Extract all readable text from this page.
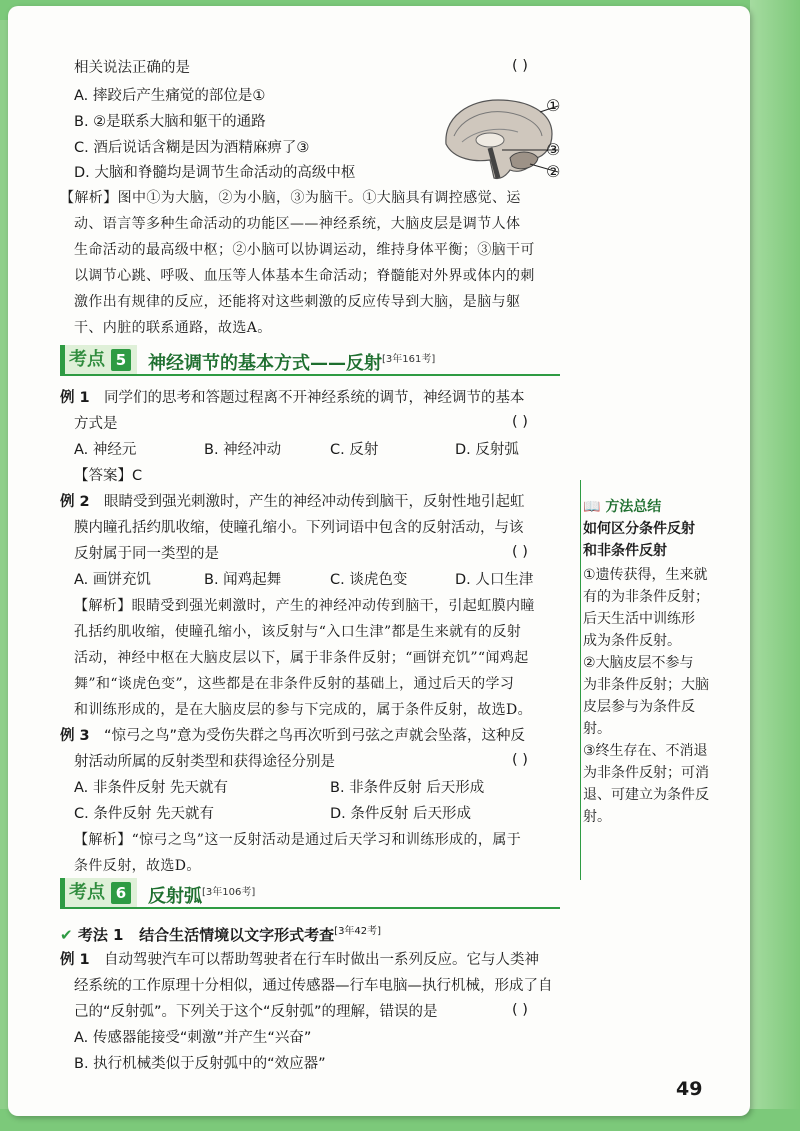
相关说法正确的是	( )
A. 摔跤后产生痛觉的部位是①
B. ②是联系大脑和躯干的通路
C. 酒后说话含糊是因为酒精麻痹了③
D. 大脑和脊髓均是调节生命活动的高级中枢
①
③
②
【解析】图中①为大脑，②为小脑，③为脑干。①大脑具有调控感觉、运
动、语言等多种生命活动的功能区——神经系统，大脑皮层是调节人体
生命活动的最高级中枢；②小脑可以协调运动，维持身体平衡；③脑干可
以调节心跳、呼吸、血压等人体基本生命活动；脊髓能对外界或体内的刺
激作出有规律的反应，还能将对这些刺激的反应传导到大脑，是脑与躯
干、内脏的联系通路，故选A。
考点 5	神经调节的基本方式——反射[3年161考]
例 1 同学们的思考和答题过程离不开神经系统的调节，神经调节的基本
方式是	( )
A. 神经元	B. 神经冲动	C. 反射	D. 反射弧
【答案】C
例 2 眼睛受到强光刺激时，产生的神经冲动传到脑干，反射性地引起虹
膜内瞳孔括约肌收缩，使瞳孔缩小。下列词语中包含的反射活动，与该
反射属于同一类型的是	( )
A. 画饼充饥	B. 闻鸡起舞	C. 谈虎色变	D. 人口生津
【解析】眼睛受到强光刺激时，产生的神经冲动传到脑干，引起虹膜内瞳
孔括约肌收缩，使瞳孔缩小，该反射与“入口生津”都是生来就有的反射
活动，神经中枢在大脑皮层以下，属于非条件反射；“画饼充饥”“闻鸡起
舞”和“谈虎色变”，这些都是在非条件反射的基础上，通过后天的学习
和训练形成的，是在大脑皮层的参与下完成的，属于条件反射，故选D。
例 3 “惊弓之鸟”意为受伤失群之鸟再次听到弓弦之声就会坠落，这种反
射活动所属的反射类型和获得途径分别是	( )
A. 非条件反射 先天就有	B. 非条件反射 后天形成
C. 条件反射 先天就有	D. 条件反射 后天形成
【解析】“惊弓之鸟”这一反射活动是通过后天学习和训练形成的，属于
条件反射，故选D。
📖 方法总结
如何区分条件反射
和非条件反射
①遗传获得，生来就
有的为非条件反射；
后天生活中训练形
成为条件反射。
②大脑皮层不参与
为非条件反射；大脑
皮层参与为条件反
射。
③终生存在、不消退
为非条件反射；可消
退、可建立为条件反
射。
考点 6	反射弧[3年106考]
✔ 考法 1 结合生活情境以文字形式考查[3年42考]
例 1 自动驾驶汽车可以帮助驾驶者在行车时做出一系列反应。它与人类神
经系统的工作原理十分相似，通过传感器—行车电脑—执行机械，形成了自
己的“反射弧”。下列关于这个“反射弧”的理解，错误的是	( )
A. 传感器能接受“刺激”并产生“兴奋”
B. 执行机械类似于反射弧中的“效应器”
49
